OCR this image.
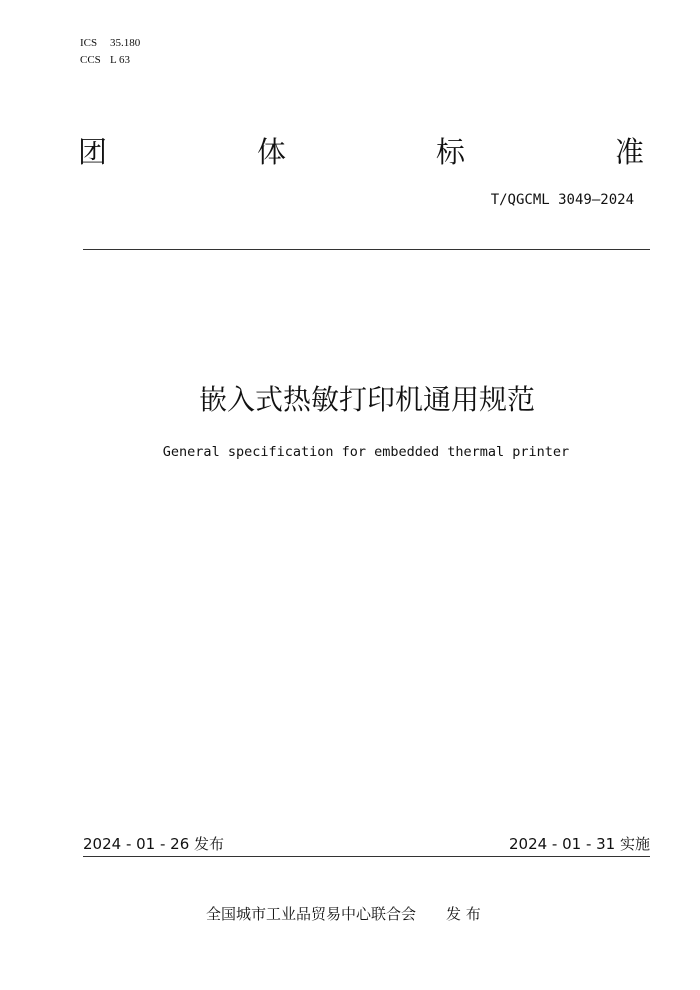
ICS 35.180
CCS L 63
团	体	标	准
T/QGCML 3049—2024
嵌入式热敏打印机通用规范
General specification for embedded thermal printer
2024 - 01 - 26 发布	2024 - 01 - 31 实施
全国城市工业品贸易中心联合会 发 布
